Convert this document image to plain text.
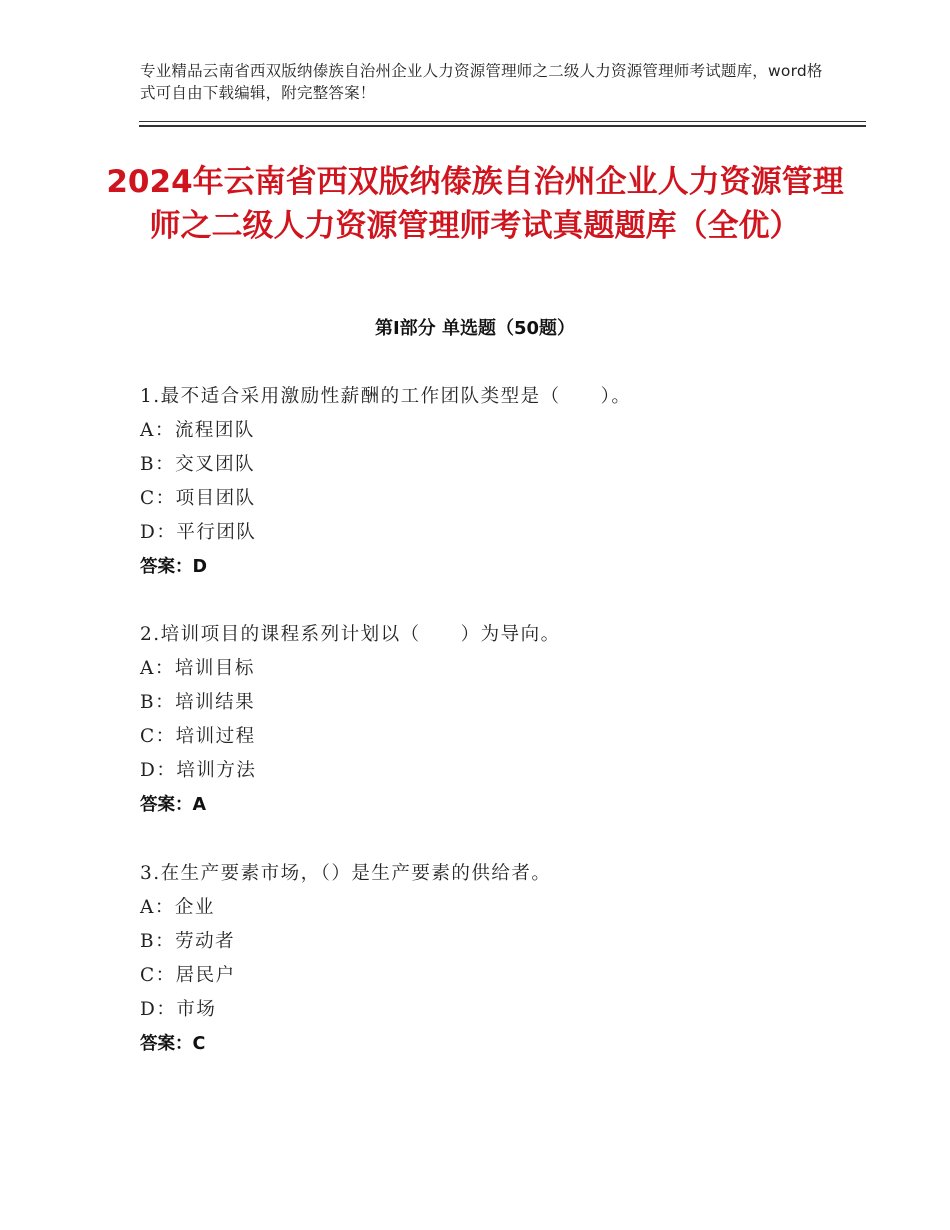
专业精品云南省西双版纳傣族自治州企业人力资源管理师之二级人力资源管理师考试题库，word格式可自由下载编辑，附完整答案！
2024年云南省西双版纳傣族自治州企业人力资源管理师之二级人力资源管理师考试真题题库（全优）
第Ⅰ部分 单选题（50题）
1.最不适合采用激励性薪酬的工作团队类型是（　　）。
A：流程团队
B：交叉团队
C：项目团队
D：平行团队
答案：D
2.培训项目的课程系列计划以（　　）为导向。
A：培训目标
B：培训结果
C：培训过程
D：培训方法
答案：A
3.在生产要素市场，（）是生产要素的供给者。
A：企业
B：劳动者
C：居民户
D：市场
答案：C
